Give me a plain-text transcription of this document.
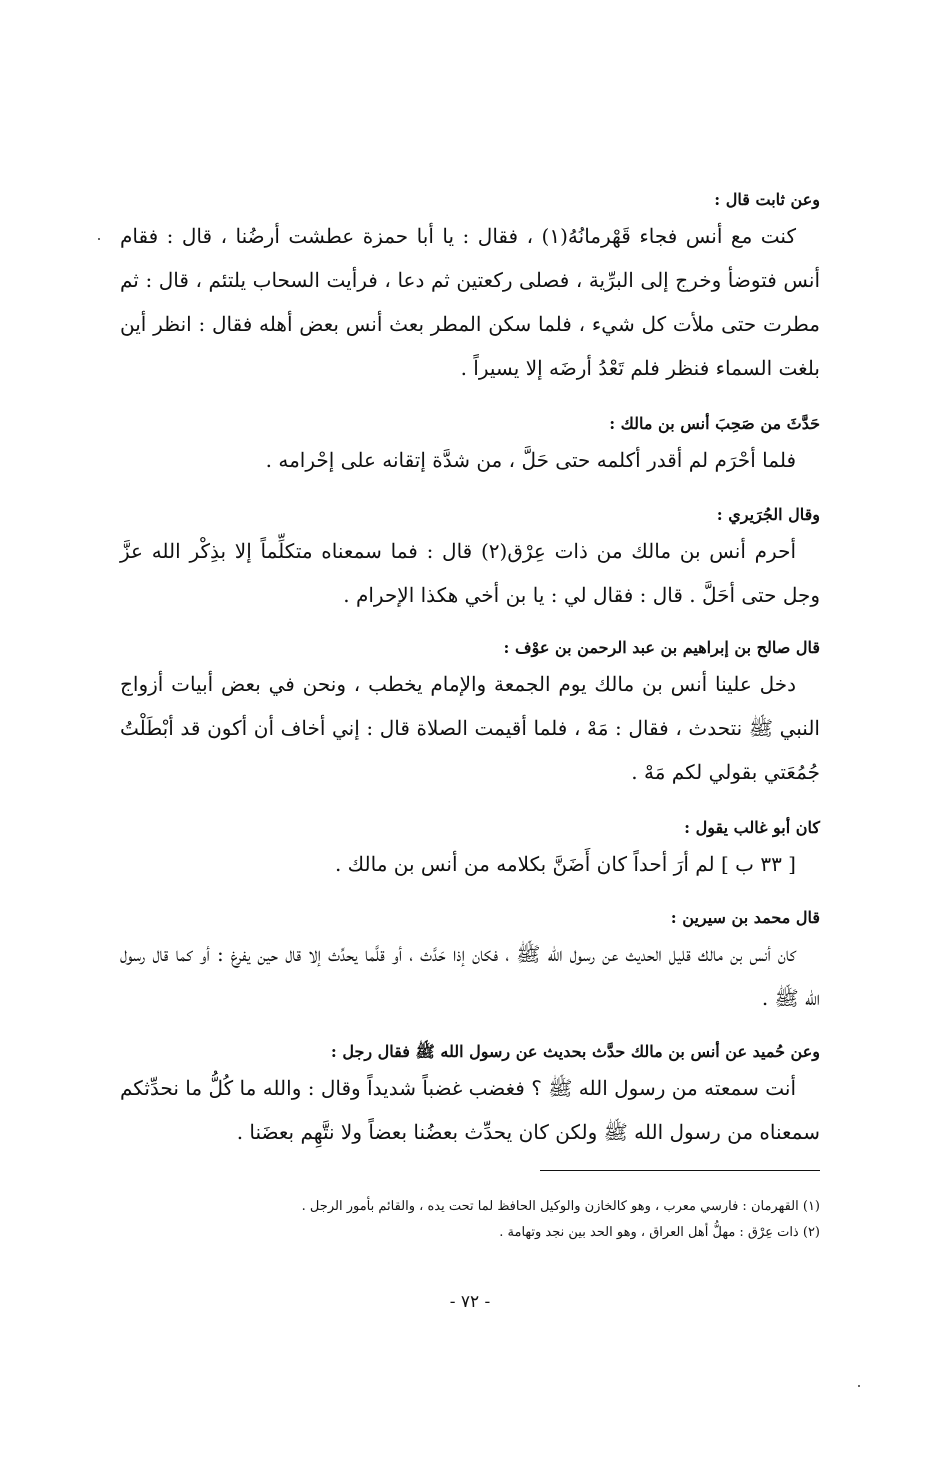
وعن ثابت قال :
كنت مع أنس فجاء قَهْرمانُهُ(١) ، فقال : يا أبا حمزة عطشت أرضُنا ، قال : فقام أنس فتوضأ وخرج إلى البرِّية ، فصلى ركعتين ثم دعا ، فرأيت السحاب يلتئم ، قال : ثم مطرت حتى ملأت كل شيء ، فلما سكن المطر بعث أنس بعض أهله فقال : انظر أين بلغت السماء فنظر فلم تَعْدُ أرضَه إلا يسيراً .
حَدَّثَ من صَحِبَ أنس بن مالك :
فلما أحْرَم لم أقدر أكلمه حتى حَلَّ ، من شدَّة إتقانه على إحْرامه .
وقال الجُرَيري :
أحرم أنس بن مالك من ذات عِرْق(٢) قال : فما سمعناه متكلِّماً إلا بذِكْر الله عزَّ وجل حتى أحَلَّ . قال : فقال لي : يا بن أخي هكذا الإحرام .
قال صالح بن إبراهيم بن عبد الرحمن بن عوْف :
دخل علينا أنس بن مالك يوم الجمعة والإمام يخطب ، ونحن في بعض أبيات أزواج النبي ﷺ نتحدث ، فقال : مَهْ ، فلما أقيمت الصلاة قال : إني أخاف أن أكون قد أبْطَلْتُ جُمُعَتي بقولي لكم مَهْ .
كان أبو غالب يقول :
[ ٣٣ ب ] لم أرَ أحداً كان أَضَنَّ بكلامه من أنس بن مالك .
قال محمد بن سيرين :
كان أنس بن مالك قليل الحديث عن رسول الله ﷺ ، فكان إذا حَدَّث ، أو قلَّما يحدِّث إلا قال حين يفرغ : أو كما قال رسول الله ﷺ .
وعن حُميد عن أنس بن مالك حدَّث بحديث عن رسول الله ﷺ فقال رجل :
أنت سمعته من رسول الله ﷺ ؟ فغضب غضباً شديداً وقال : والله ما كُلُّ ما نحدِّثكم سمعناه من رسول الله ﷺ ولكن كان يحدِّث بعضُنا بعضاً ولا نتَّهِم بعضَنا .
(١) القهرمان : فارسي معرب ، وهو كالخازن والوكيل الحافظ لما تحت يده ، والقائم بأمور الرجل .
(٢) ذات عِرْق : مهلُّ أهل العراق ، وهو الحد بين نجد وتهامة .
- ٧٢ -
